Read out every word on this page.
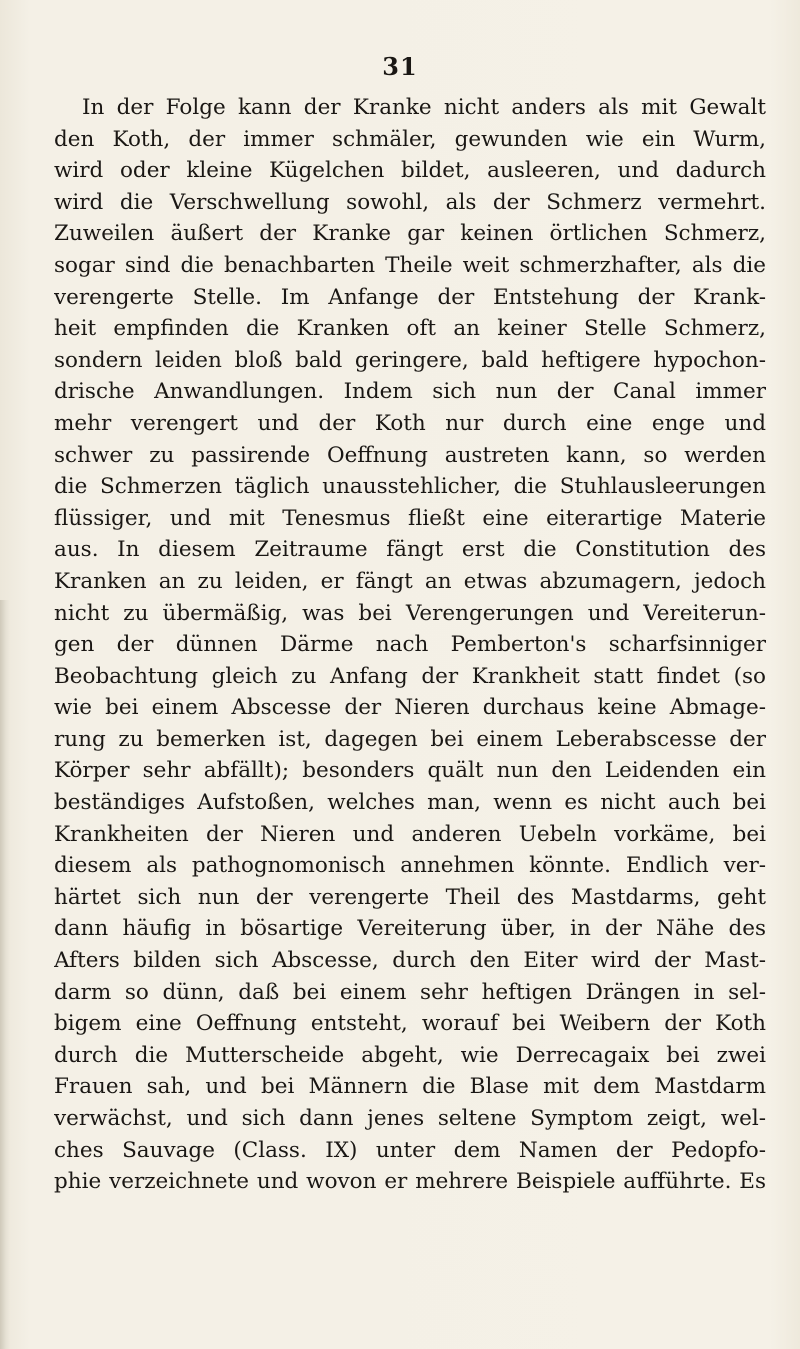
31
In der Folge kann der Kranke nicht anders als mit Gewalt
den Koth, der immer schmäler, gewunden wie ein Wurm,
wird oder kleine Kügelchen bildet, ausleeren, und dadurch
wird die Verschwellung sowohl, als der Schmerz vermehrt.
Zuweilen äußert der Kranke gar keinen örtlichen Schmerz,
sogar sind die benachbarten Theile weit schmerzhafter, als die
verengerte Stelle. Im Anfange der Entstehung der Krank-
heit empfinden die Kranken oft an keiner Stelle Schmerz,
sondern leiden bloß bald geringere, bald heftigere hypochon-
drische Anwandlungen. Indem sich nun der Canal immer
mehr verengert und der Koth nur durch eine enge und
schwer zu passirende Oeffnung austreten kann, so werden
die Schmerzen täglich unausstehlicher, die Stuhlausleerungen
flüssiger, und mit Tenesmus fließt eine eiterartige Materie
aus. In diesem Zeitraume fängt erst die Constitution des
Kranken an zu leiden, er fängt an etwas abzumagern, jedoch
nicht zu übermäßig, was bei Verengerungen und Vereiterun-
gen der dünnen Därme nach Pemberton's scharfsinniger
Beobachtung gleich zu Anfang der Krankheit statt findet (so
wie bei einem Abscesse der Nieren durchaus keine Abmage-
rung zu bemerken ist, dagegen bei einem Leberabscesse der
Körper sehr abfällt); besonders quält nun den Leidenden ein
beständiges Aufstoßen, welches man, wenn es nicht auch bei
Krankheiten der Nieren und anderen Uebeln vorkäme, bei
diesem als pathognomonisch annehmen könnte. Endlich ver-
härtet sich nun der verengerte Theil des Mastdarms, geht
dann häufig in bösartige Vereiterung über, in der Nähe des
Afters bilden sich Abscesse, durch den Eiter wird der Mast-
darm so dünn, daß bei einem sehr heftigen Drängen in sel-
bigem eine Oeffnung entsteht, worauf bei Weibern der Koth
durch die Mutterscheide abgeht, wie Derrecagaix bei zwei
Frauen sah, und bei Männern die Blase mit dem Mastdarm
verwächst, und sich dann jenes seltene Symptom zeigt, wel-
ches Sauvage (Class. IX) unter dem Namen der Pedopfo-
phie verzeichnete und wovon er mehrere Beispiele aufführte. Es
